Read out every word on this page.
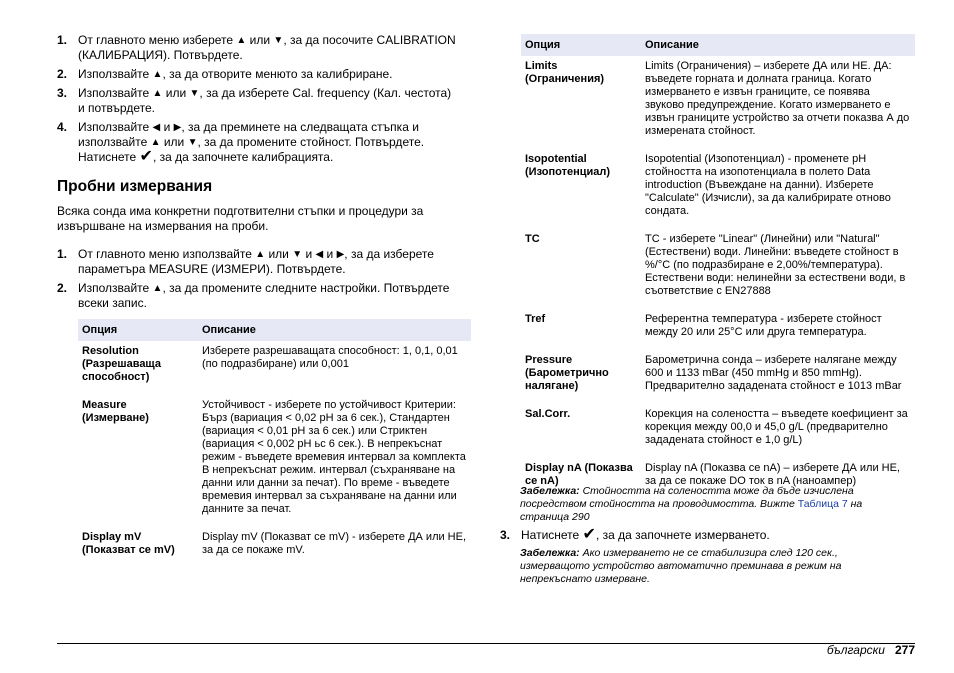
1. От главното меню изберете ▲ или ▼, за да посочите CALIBRATION (КАЛИБРАЦИЯ). Потвърдете.
2. Използвайте ▲, за да отворите менюто за калибриране.
3. Използвайте ▲ или ▼, за да изберете Cal. frequency (Кал. честота) и потвърдете.
4. Използвайте ◀ и ▶, за да преминете на следващата стъпка и използвайте ▲ или ▼, за да промените стойност. Потвърдете. Натиснете ✔, за да започнете калибрацията.
Пробни измервания

Всяка сонда има конкретни подготвителни стъпки и процедури за извършване на измервания на проби.

1. От главното меню използвайте ▲ или ▼ и ◀ и ▶, за да изберете параметъра MEASURE (ИЗМЕРИ). Потвърдете.
2. Използвайте ▲, за да промените следните настройки. Потвърдете всеки запис.
Опция	Описание
Resolution (Разрешаваща способност)	Изберете разрешаващата способност: 1, 0,1, 0,01 (по подразбиране) или 0,001
Measure (Измерване)	Устойчивост - изберете по устойчивост Критерии: Бърз (вариация < 0,02 pH за 6 сек.), Стандартен (вариация < 0,01 pH за 6 сек.) или Стриктен (вариация < 0,002 pH ьс 6 сек.). В непрекъснат режим - въведете времевия интервал за комплекта В непрекъснат режим. интервал (съхраняване на данни или данни за печат). По време - въведете времевия интервал за съхраняване на данни или данните за печат.
Display mV (Показват се mV)	Display mV (Показват се mV) - изберете ДА или НЕ, за да се покаже mV.
Опция	Описание
Limits (Ограничения)	Limits (Ограничения) – изберете ДА или НЕ. ДА: въведете горната и долната граница. Когато измерването е извън границите, се появява звуково предупреждение. Когато измерването е извън границите устройство за отчети показва А до измерената стойност.
Isopotential (Изопотенциал)	Isopotential (Изопотенциал) - променете pH стойността на изопотенциала в полето Data introduction (Въвеждане на данни). Изберете "Calculate" (Изчисли), за да калибрирате отново сондата.
TC	TC - изберете "Linear" (Линейни) или "Natural" (Естествени) води. Линейни: въведете стойност в %/°C (по подразбиране е 2,00%/температура). Естествени води: нелинейни за естествени води, в съответствие с EN27888
Tref	Референтна температура - изберете стойност между 20 или 25°C или друга температура.
Pressure (Барометрично налягане)	Барометрична сонда – изберете налягане между 600 и 1133 mBar (450 mmHg и 850 mmHg). Предварително зададената стойност е 1013 mBar
Sal.Corr.	Корекция на солеността – въведете коефициент за корекция между 00,0 и 45,0 g/L (предварително зададената стойност е 1,0 g/L)
Display nA (Показва се nA)	Display nA (Показва се nA) – изберете ДА или НЕ, за да се покаже DO ток в nA (наноампер)

Забележка: Стойността на солеността може да бъде изчислена посредством стойността на проводимостта. Вижте Таблица 7 на страница 290

3. Натиснете ✔, за да започнете измерването.

Забележка: Ако измерването не се стабилизира след 120 сек., измерващото устройство автоматично преминава в режим на непрекъснато измерване.

български 277
